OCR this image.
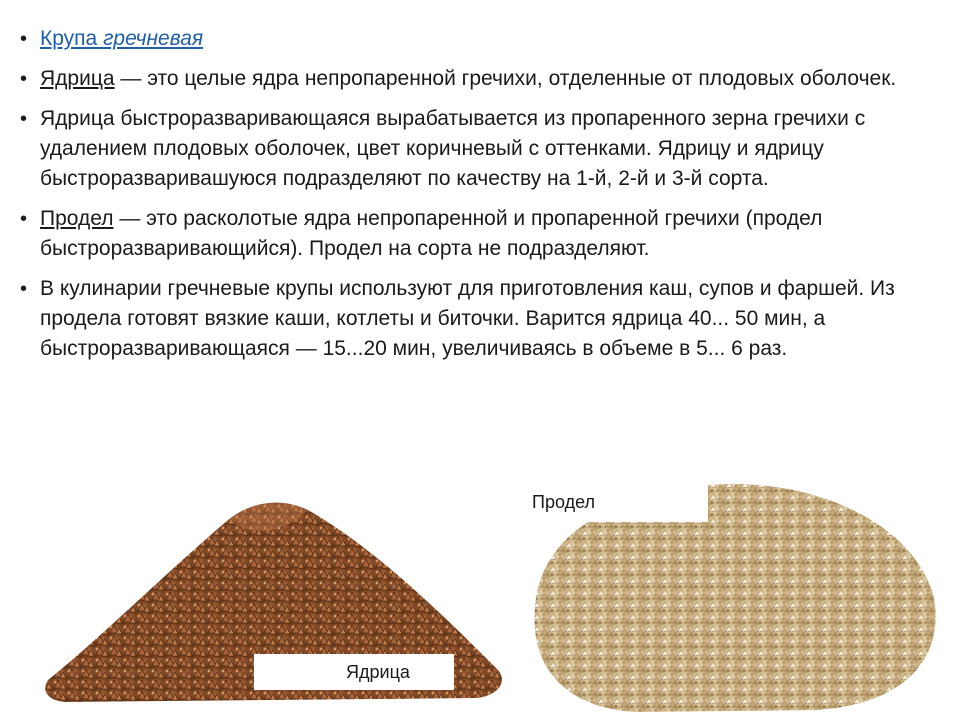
• Крупа гречневая
• Ядрица — это целые ядра непропаренной гречихи, отделенные от плодовых оболочек.
• Ядрица быстроразваривающаяся вырабатывается из пропаренного зерна гречихи с удалением плодовых оболочек, цвет коричневый с оттенками. Ядрицу и ядрицу быстроразваривашуюся подразделяют по качеству на 1-й, 2-й и 3-й сорта.
• Продел — это расколотые ядра непропаренной и пропаренной гречихи (продел быстроразваривающийся). Продел на сорта не подразделяют.
• В кулинарии гречневые крупы используют для приготовления каш, супов и фаршей. Из продела готовят вязкие каши, котлеты и биточки. Варится ядрица 40... 50 мин, а быстроразваривающаяся — 15...20 мин, увеличиваясь в объеме в 5... 6 раз.
Продел
Ядрица
